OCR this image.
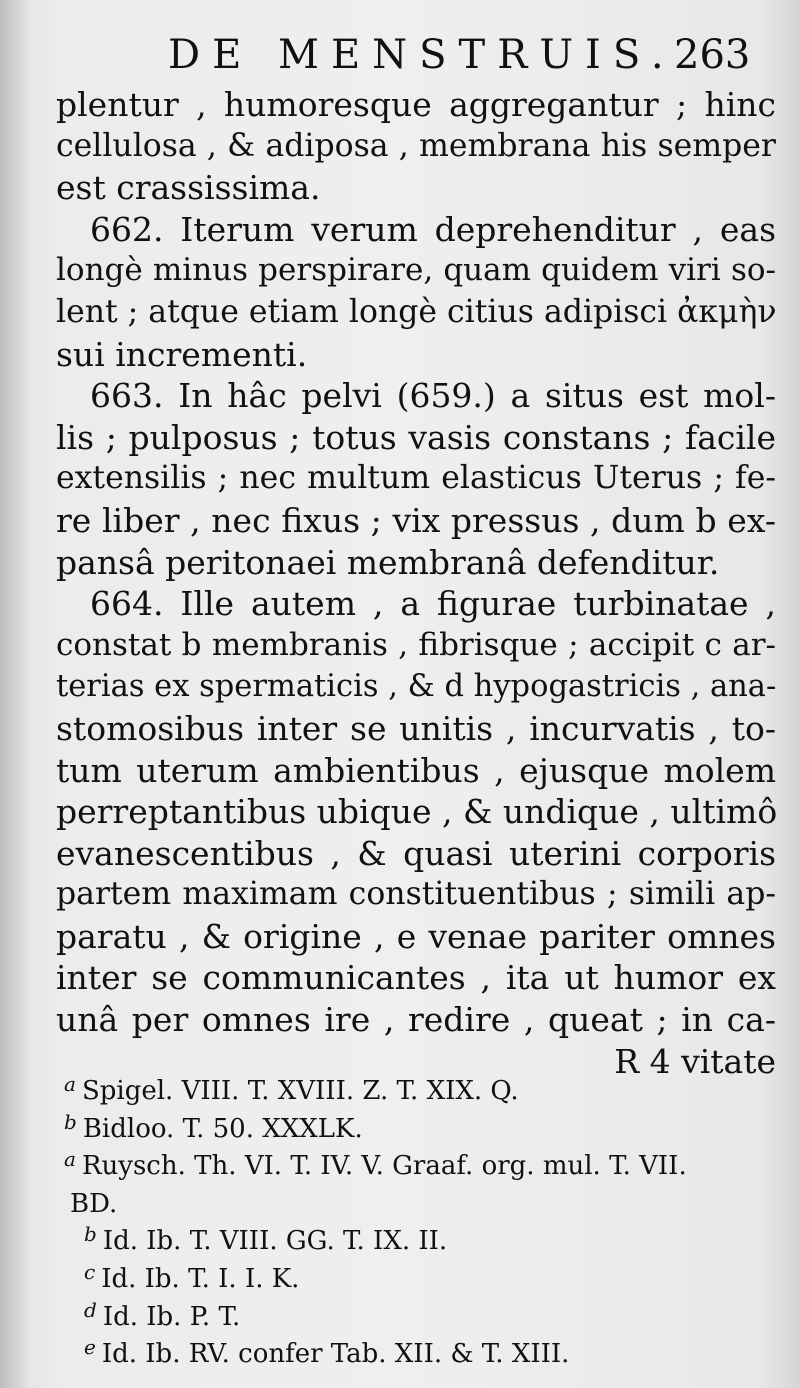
DE MENSTRUIS.
263
plentur , humoresque aggregantur ; hinc
cellulosa , & adiposa , membrana his semper
est crassissima.
662. Iterum verum deprehenditur , eas
longè minus perspirare, quam quidem viri so-
lent ; atque etiam longè citius adipisci ἀκμὴν
sui incrementi.
663. In hâc pelvi (659.) a situs est mol-
lis ; pulposus ; totus vasis constans ; facile
extensilis ; nec multum elasticus Uterus ; fe-
re liber , nec fixus ; vix pressus , dum b ex-
pansâ peritonaei membranâ defenditur.
664. Ille autem , a figurae turbinatae ,
constat b membranis , fibrisque ; accipit c ar-
terias ex spermaticis , & d hypogastricis , ana-
stomosibus inter se unitis , incurvatis , to-
tum uterum ambientibus , ejusque molem
perreptantibus ubique , & undique , ultimô
evanescentibus , & quasi uterini corporis
partem maximam constituentibus ; simili ap-
paratu , & origine , e venae pariter omnes
inter se communicantes , ita ut humor ex
unâ per omnes ire , redire , queat ; in ca-
R 4 vitate
$^a$ Spigel. VIII. T. XVIII. Z. T. XIX. Q.
$^b$ Bidloo. T. 50. XXXLK.
$^a$ Ruysch. Th. VI. T. IV. V. Graaf. org. mul. T. VII.
BD.
$^b$ Id. Ib. T. VIII. GG. T. IX. II.
$^c$ Id. Ib. T. I. I. K.
$^d$ Id. Ib. P. T.
$^e$ Id. Ib. RV. confer Tab. XII. & T. XIII.
